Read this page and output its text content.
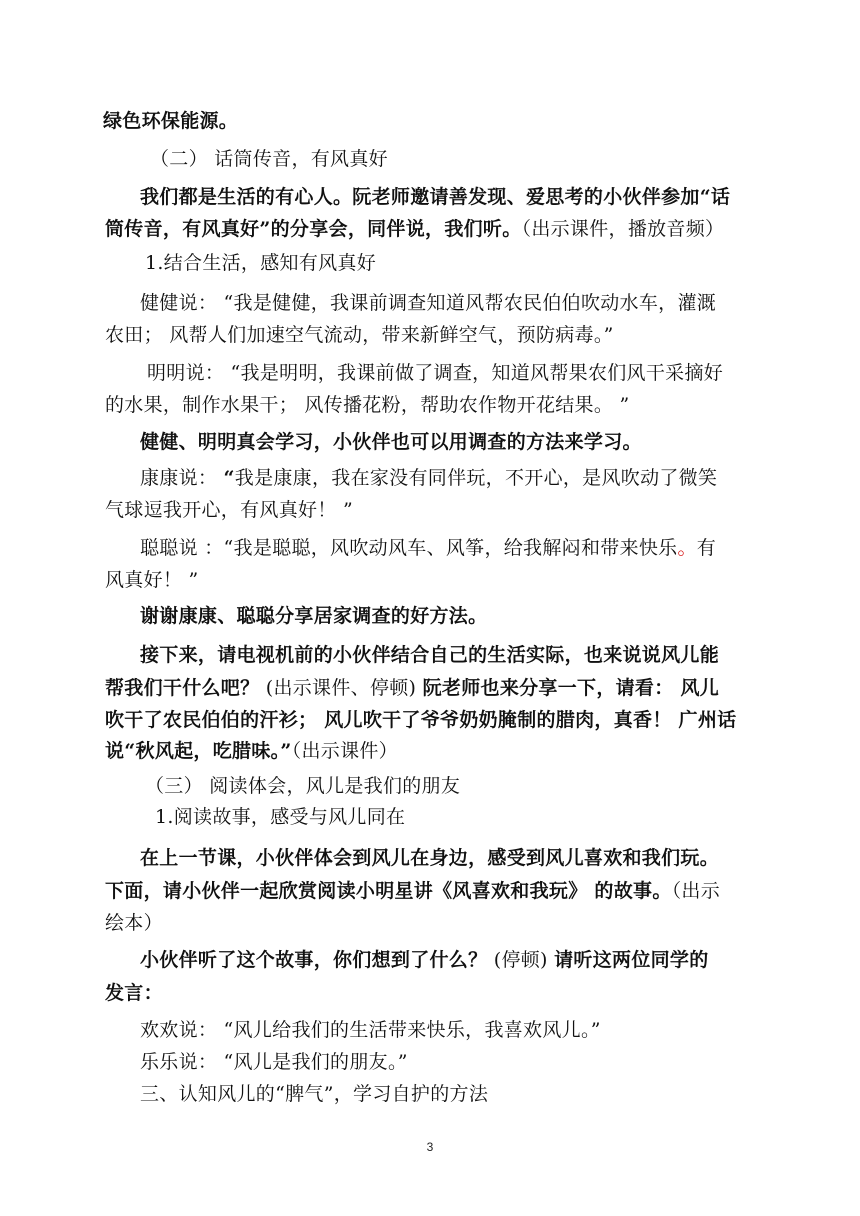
绿色环保能源。
（二） 话筒传音，有风真好
我们都是生活的有心人。阮老师邀请善发现、爱思考的小伙伴参加“话
筒传音，有风真好”的分享会，同伴说，我们听。（出示课件，播放音频）
1.结合生活，感知有风真好
健健说： “我是健健，我课前调查知道风帮农民伯伯吹动水车，灌溉
农田； 风帮人们加速空气流动，带来新鲜空气，预防病毒。”
明明说： “我是明明，我课前做了调查，知道风帮果农们风干采摘好
的水果，制作水果干； 风传播花粉，帮助农作物开花结果。 ”
健健、明明真会学习，小伙伴也可以用调查的方法来学习。
康康说： “我是康康，我在家没有同伴玩，不开心，是风吹动了微笑
气球逗我开心，有风真好！ ”
聪聪说 ：“我是聪聪，风吹动风车、风筝，给我解闷和带来快乐。有
风真好！ ”
谢谢康康、聪聪分享居家调查的好方法。
接下来，请电视机前的小伙伴结合自己的生活实际，也来说说风儿能
帮我们干什么吧？ (出示课件、停顿) 阮老师也来分享一下，请看： 风儿
吹干了农民伯伯的汗衫； 风儿吹干了爷爷奶奶腌制的腊肉，真香！ 广州话
说“秋风起，吃腊味。”（出示课件）
（三） 阅读体会，风儿是我们的朋友
1.阅读故事，感受与风儿同在
在上一节课，小伙伴体会到风儿在身边，感受到风儿喜欢和我们玩。
下面，请小伙伴一起欣赏阅读小明星讲《风喜欢和我玩》 的故事。（出示
绘本）
小伙伴听了这个故事，你们想到了什么？ (停顿) 请听这两位同学的
发言：
欢欢说： “风儿给我们的生活带来快乐，我喜欢风儿。”
乐乐说： “风儿是我们的朋友。”
三、认知风儿的“脾气”，学习自护的方法
3
